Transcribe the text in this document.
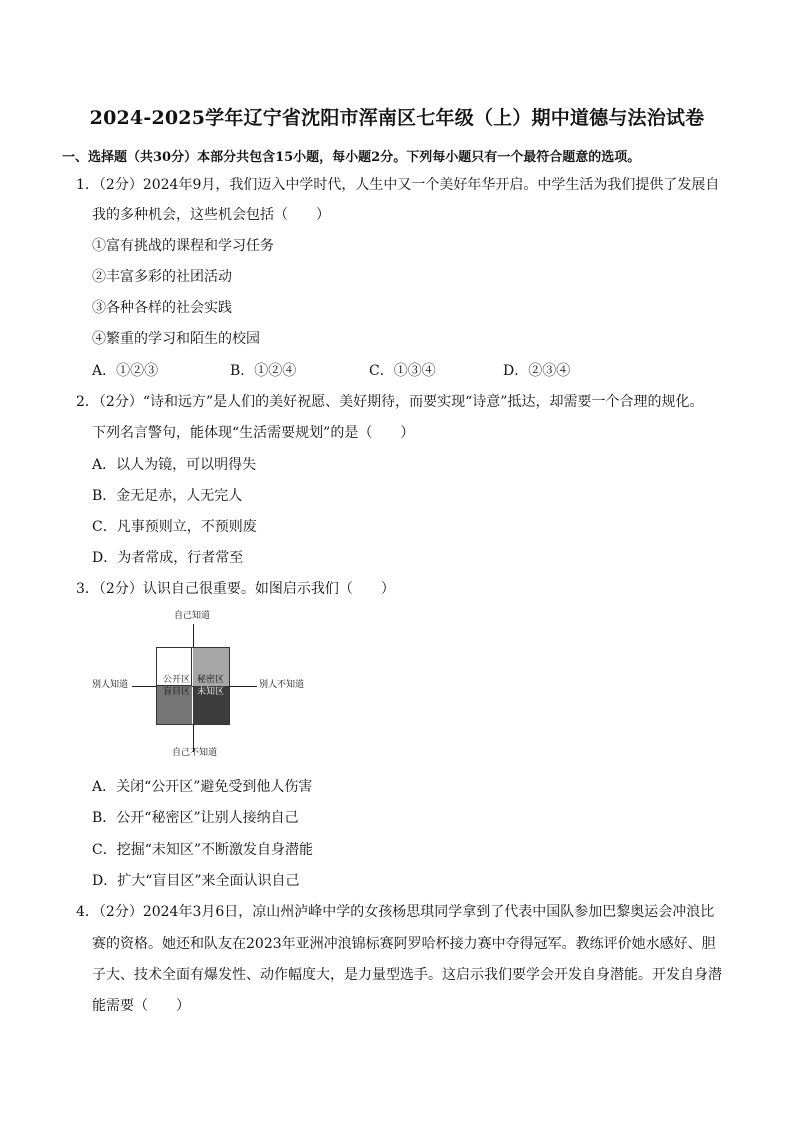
2024-2025学年辽宁省沈阳市浑南区七年级（上）期中道德与法治试卷
一、选择题（共30分）本部分共包含15小题，每小题2分。下列每小题只有一个最符合题意的选项。
1．（2分）2024年9月，我们迈入中学时代，人生中又一个美好年华开启。中学生活为我们提供了发展自
我的多种机会，这些机会包括（　　）
①富有挑战的课程和学习任务
②丰富多彩的社团活动
③各种各样的社会实践
④繁重的学习和陌生的校园
A．①②③	B．①②④	C．①③④	D．②③④
2．（2分）“诗和远方”是人们的美好祝愿、美好期待，而要实现“诗意”抵达，却需要一个合理的规化。
下列名言警句，能体现“生活需要规划”的是（　　）
A．以人为镜，可以明得失
B．金无足赤，人无完人
C．凡事预则立，不预则废
D．为者常成，行者常至
3．（2分）认识自己很重要。如图启示我们（　　）
自己知道
别人知道	别人不知道
公开区 秘密区
盲目区 未知区
自己不知道
A．关闭“公开区”避免受到他人伤害
B．公开“秘密区”让别人接纳自己
C．挖掘“未知区”不断激发自身潜能
D．扩大“盲目区”来全面认识自己
4．（2分）2024年3月6日，凉山州泸峰中学的女孩杨思琪同学拿到了代表中国队参加巴黎奥运会冲浪比
赛的资格。她还和队友在2023年亚洲冲浪锦标赛阿罗哈杯接力赛中夺得冠军。教练评价她水感好、胆
子大、技术全面有爆发性、动作幅度大，是力量型选手。这启示我们要学会开发自身潜能。开发自身潜
能需要（　　）
